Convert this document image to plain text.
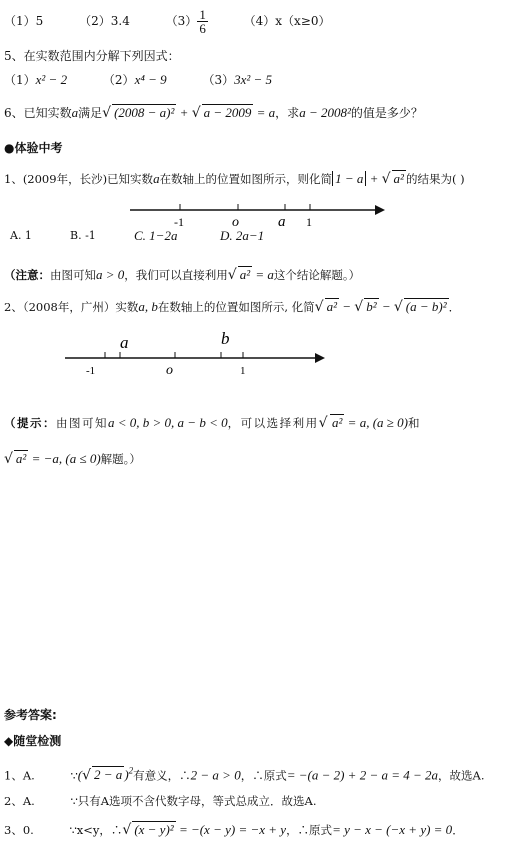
（1）5	（2）3.4	$(3) \frac{1}{6}$	（4）x（x≥0）
5、在实数范围内分解下列因式：
（1）x² − 2	（2）x⁴ − 9	（3）3x² − 5
6、已知实数a满足√ (2008 − a)² + √ a − 2009 = a，求a − 2008²的值是多少？
●体验中考
1、(2009年，长沙)已知实数a在数轴上的位置如图所示，则化简 1 − a + √ a² 的结果为( )
-1	o	a 1
A. 1	B. -1	C. 1−2a	D. 2a−1
（注意：由图可知a > 0，我们可以直接利用√ a² = a这个结论解题。）
2、（2008年，广州）实数a, b在数轴上的位置如图所示, 化简√ a² − √ b² − √ (a − b)² ．
a	b
-1	o	1
（提示：由图可知a < 0, b > 0, a − b < 0，可以选择利用√ a² = a, (a ≥ 0)和
√ a² = −a, (a ≤ 0)解题。）
参考答案:
◆随堂检测
1、A.	∵(√ 2 − a )$^2$有意义，∴2 − a > 0，∴原式= −(a − 2) + 2 − a = 4 − 2a，故选A.
2、A.	∵只有A选项不含代数字母，等式总成立．故选A.
3、0.	∵x<y，∴√ (x − y)² = −(x − y) = −x + y，∴原式= y − x − (−x + y) = 0．
